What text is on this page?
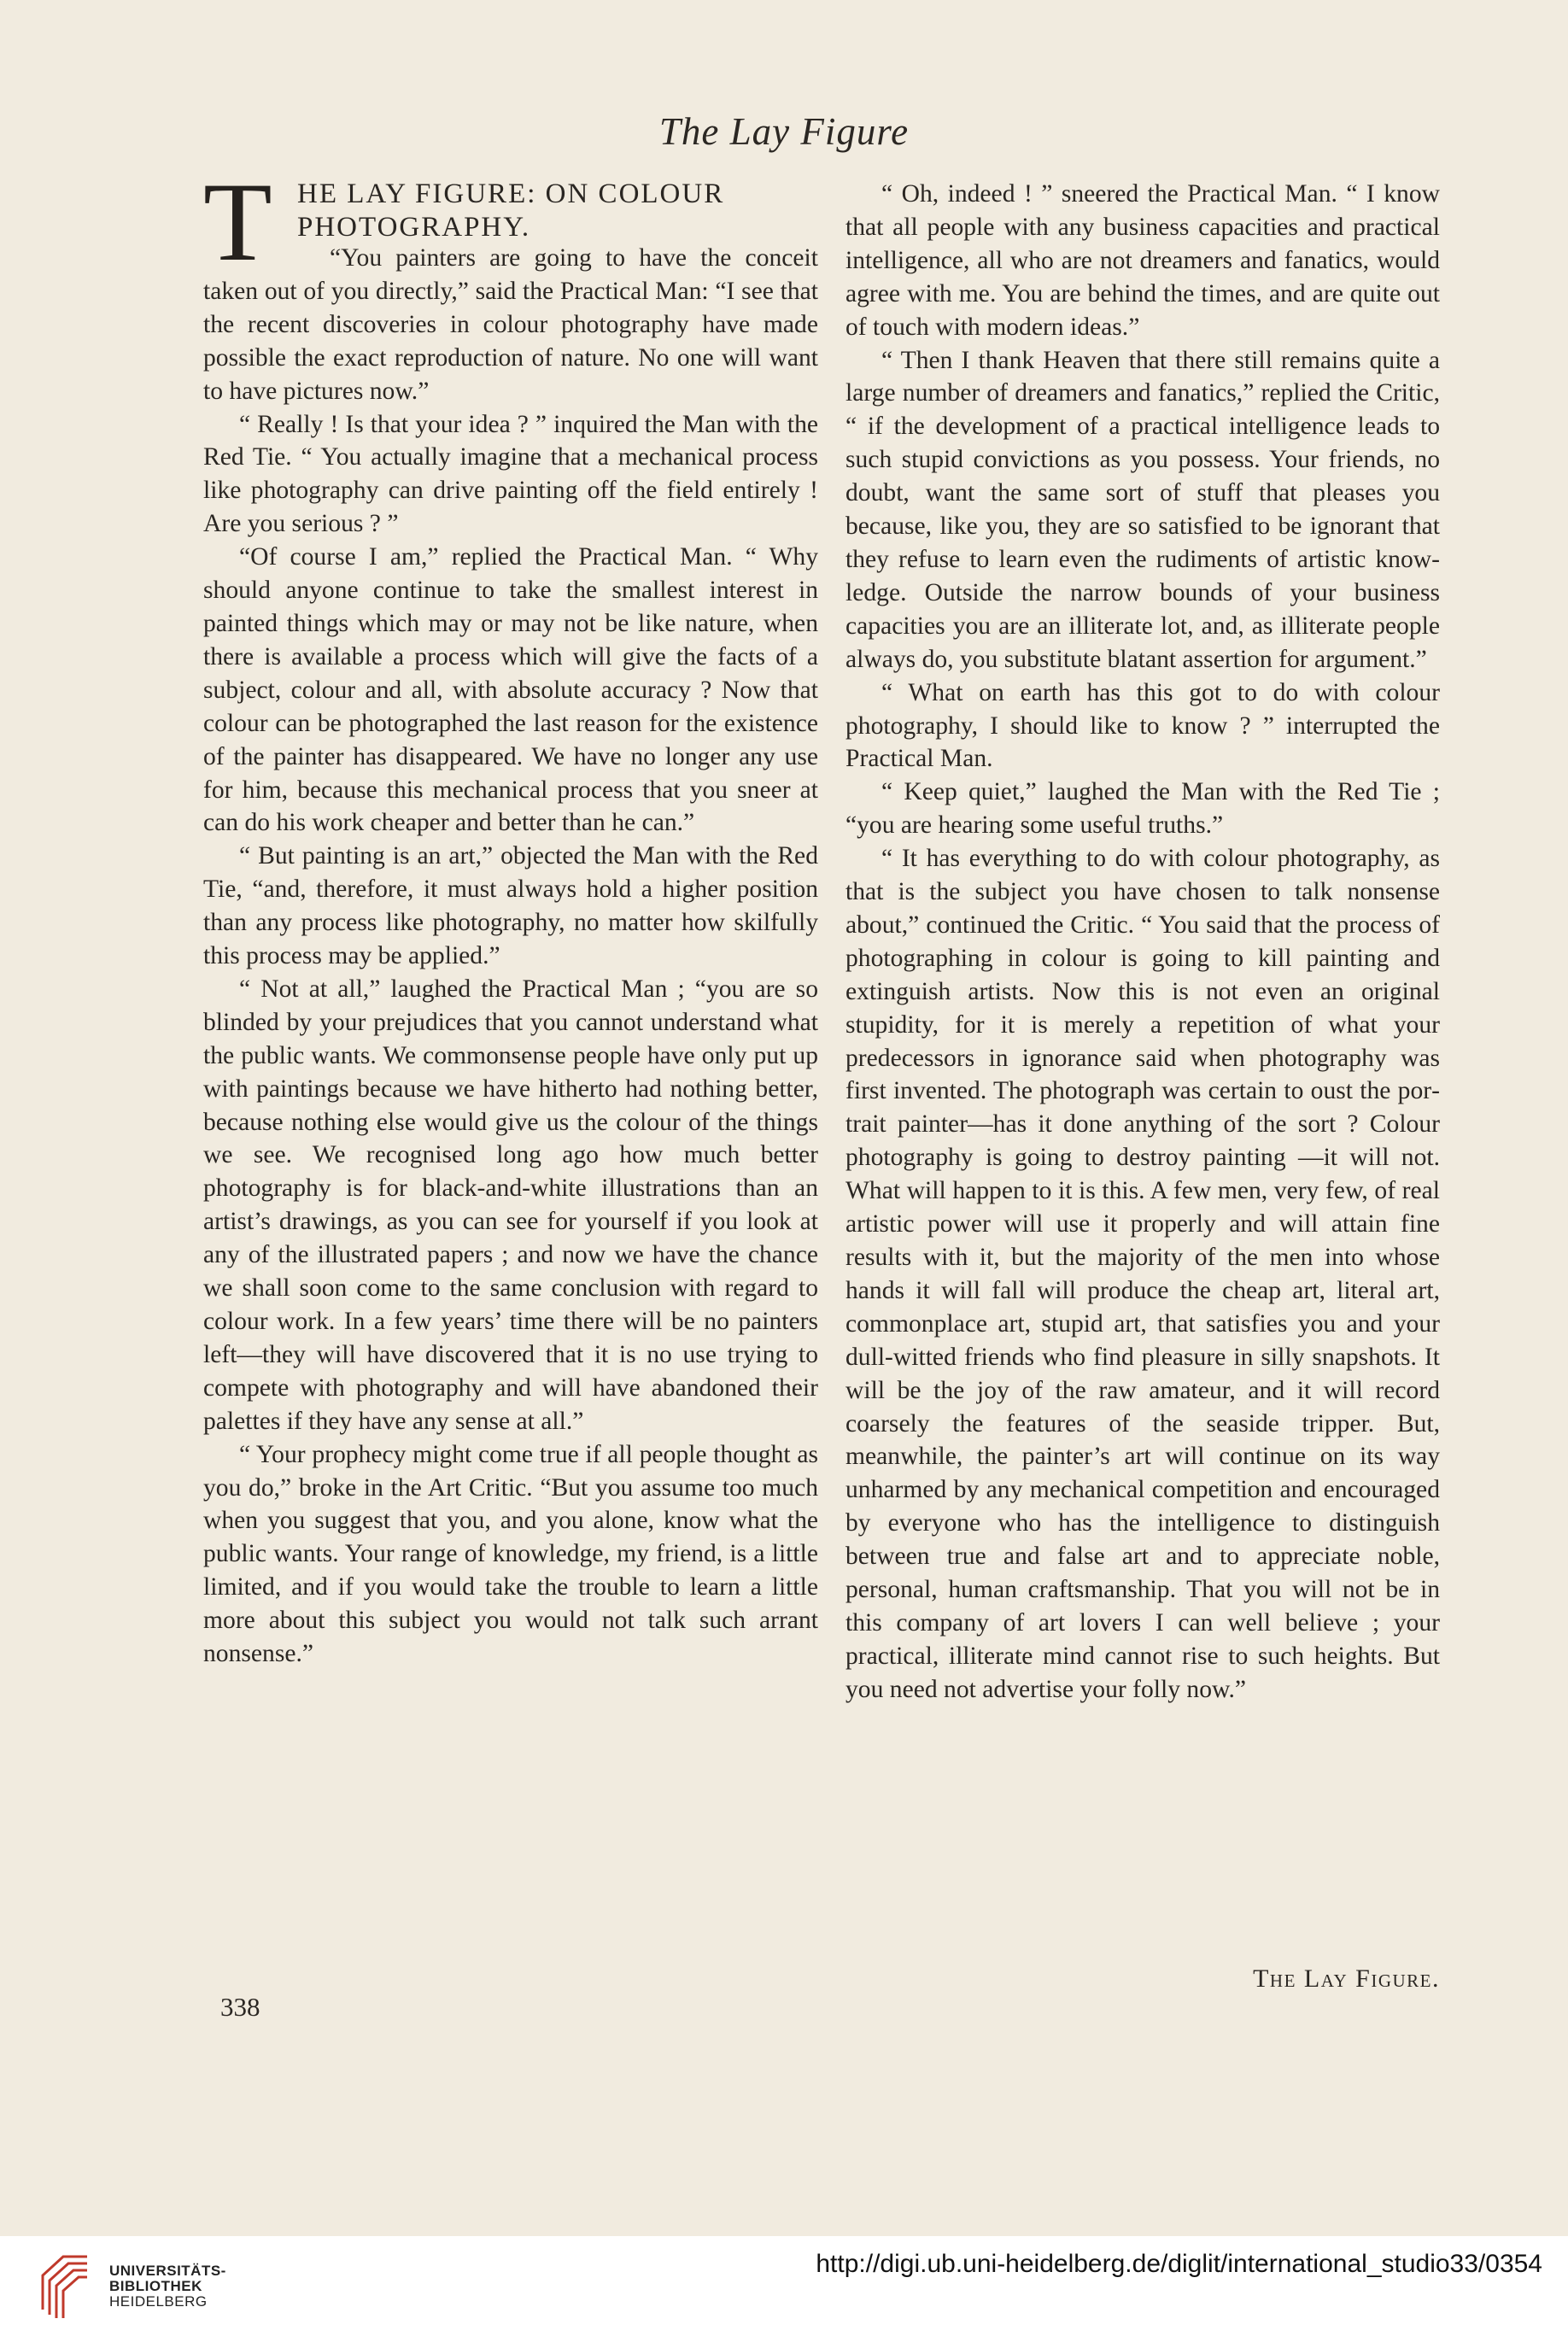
The Lay Figure
T HE LAY FIGURE: ON COLOUR
PHOTOGRAPHY.

“You painters are going to have the conceit taken out of you directly,” said the Practical Man: “I see that the recent discoveries in colour photography have made possible the exact reproduction of nature. No one will want to have pictures now.”

“ Really ! Is that your idea ? ” inquired the Man with the Red Tie. “ You actually imagine that a mechanical process like photography can drive painting off the field entirely ! Are you serious ? ”

“Of course I am,” replied the Practical Man. “ Why should anyone continue to take the smallest interest in painted things which may or may not be like nature, when there is available a process which will give the facts of a subject, colour and all, with absolute accuracy ? Now that colour can be photographed the last reason for the existence of the painter has disappeared. We have no longer any use for him, because this mechanical process that you sneer at can do his work cheaper and better than he can.”

“ But painting is an art,” objected the Man with the Red Tie, “and, therefore, it must always hold a higher position than any process like photography, no matter how skilfully this process may be applied.”

“ Not at all,” laughed the Practical Man ; “you are so blinded by your prejudices that you cannot understand what the public wants. We commonsense people have only put up with paintings because we have hitherto had nothing better, because nothing else would give us the colour of the things we see. We recognised long ago how much better photography is for black-and-white illustrations than an artist’s drawings, as you can see for yourself if you look at any of the illustrated papers ; and now we have the chance we shall soon come to the same conclusion with regard to colour work. In a few years’ time there will be no painters left—they will have discovered that it is no use trying to compete with photography and will have abandoned their palettes if they have any sense at all.”

“ Your prophecy might come true if all people thought as you do,” broke in the Art Critic. “But you assume too much when you suggest that you, and you alone, know what the public wants. Your range of knowledge, my friend, is a little limited, and if you would take the trouble to learn a little more about this subject you would not talk such arrant nonsense.”

“ Oh, indeed ! ” sneered the Practical Man. “ I know that all people with any business capacities and practical intelligence, all who are not dreamers and fanatics, would agree with me. You are behind the times, and are quite out of touch with modern ideas.”

“ Then I thank Heaven that there still remains quite a large number of dreamers and fanatics,” replied the Critic, “ if the development of a practical intelligence leads to such stupid convictions as you possess. Your friends, no doubt, want the same sort of stuff that pleases you because, like you, they are so satisfied to be ignorant that they refuse to learn even the rudiments of artistic knowledge. Outside the narrow bounds of your business capacities you are an illiterate lot, and, as illiterate people always do, you substitute blatant assertion for argument.”

“ What on earth has this got to do with colour photography, I should like to know ? ” interrupted the Practical Man.

“ Keep quiet,” laughed the Man with the Red Tie ; “you are hearing some useful truths.”

“ It has everything to do with colour photography, as that is the subject you have chosen to talk nonsense about,” continued the Critic. “ You said that the process of photographing in colour is going to kill painting and extinguish artists. Now this is not even an original stupidity, for it is merely a repetition of what your predecessors in ignorance said when photography was first invented. The photograph was certain to oust the portrait painter—has it done anything of the sort ? Colour photography is going to destroy painting —it will not. What will happen to it is this. A few men, very few, of real artistic power will use it properly and will attain fine results with it, but the majority of the men into whose hands it will fall will produce the cheap art, literal art, commonplace art, stupid art, that satisfies you and your dull-witted friends who find pleasure in silly snapshots. It will be the joy of the raw amateur, and it will record coarsely the features of the seaside tripper. But, meanwhile, the painter’s art will continue on its way unharmed by any mechanical competition and encouraged by everyone who has the intelligence to distinguish between true and false art and to appreciate noble, personal, human craftsmanship. That you will not be in this company of art lovers I can well believe ; your practical, illiterate mind cannot rise to such heights. But you need not advertise your folly now.”

The Lay Figure.
338
UNIVERSITÄTS-
BIBLIOTHEK
HEIDELBERG
http://digi.ub.uni-heidelberg.de/diglit/international_studio33/0354
